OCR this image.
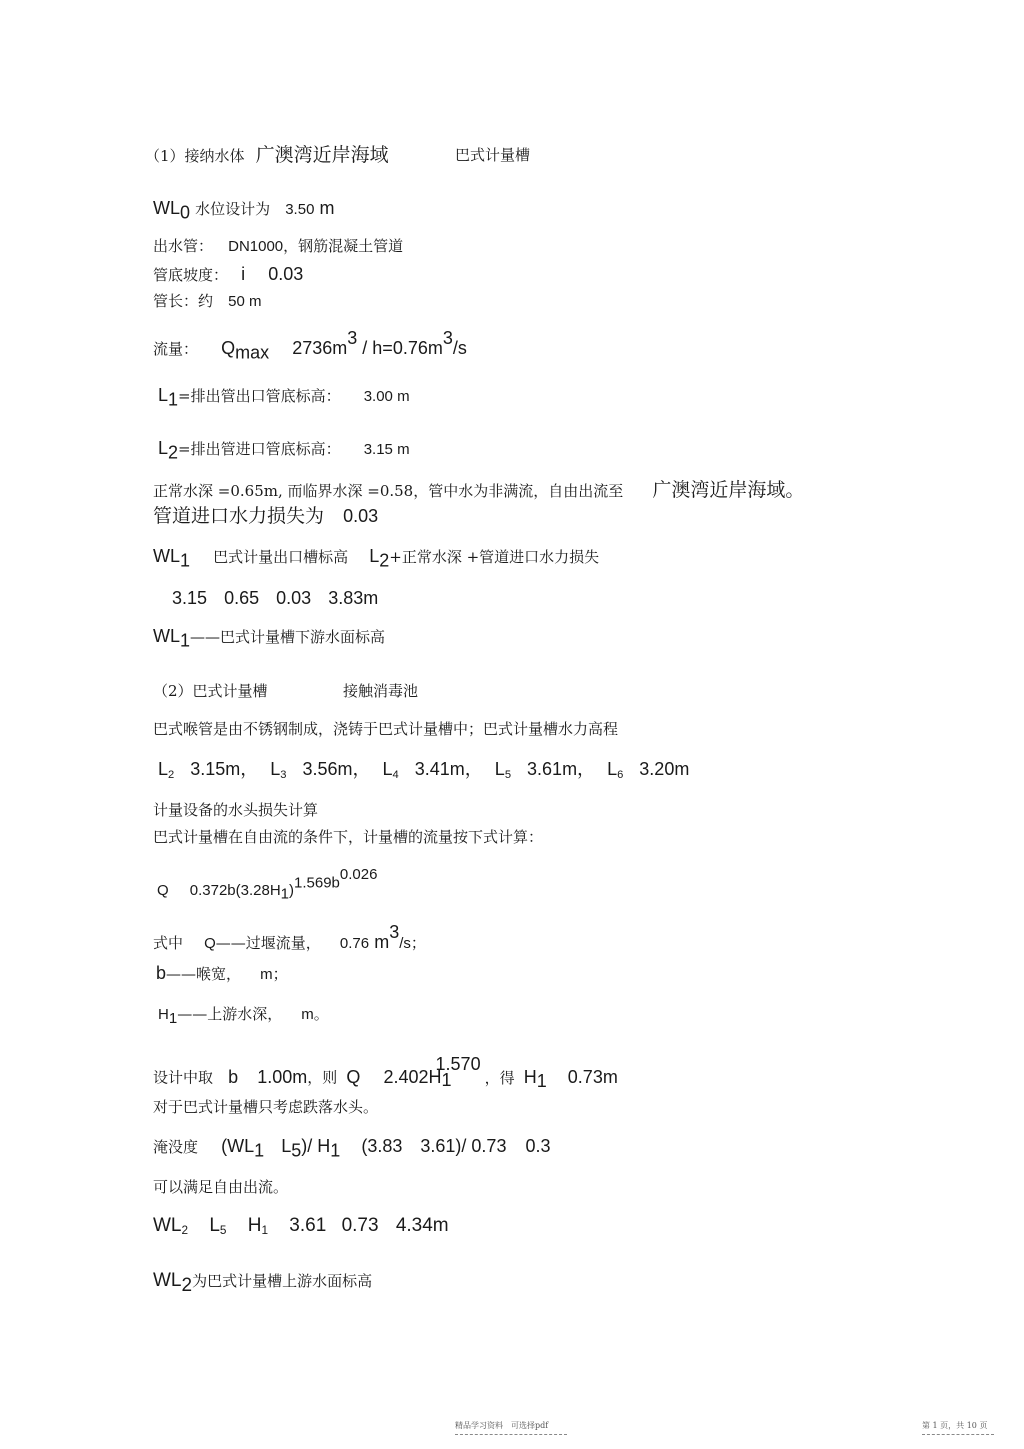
（1）接纳水体 广澳湾近岸海域	巴式计量槽
$WL_0$ 水位设计为 3.50 m
出水管： DN1000，钢筋混凝土管道
管底坡度： i 0.03
管长：约 50 m
流量： $Q_{max}$ $2736m^3 / h=0.76m^3/s$
$L_1=$排出管出口管底标高： 3.00 m
$L_2=$排出管进口管底标高： 3.15 m
正常水深 =0.65m, 而临界水深 =0.58，管中水为非满流，自由出流至 广澳湾近岸海域。
管道进口水力损失为 0.03
$WL_1$ 巴式计量出口槽标高 $L_2+$正常水深 +管道进口水力损失
3.15 0.65 0.03 3.83m
$WL_1——$巴式计量槽下游水面标高
（2）巴式计量槽	接触消毒池
巴式喉管是由不锈钢制成，浇铸于巴式计量槽中；巴式计量槽水力高程
$L_2$ 3.15m， $L_3$ 3.56m， $L_4$ 3.41m， $L_5$ 3.61m， $L_6$ 3.20m
计量设备的水头损失计算
巴式计量槽在自由流的条件下，计量槽的流量按下式计算：
Q $0.372b(3.28H_1)^{1.569b0.026}$
式中 Q——过堰流量， 0.76 $m^3/s$；
b——喉宽， m；
$H_1——$上游水深， m。
设计中取 b 1.00m，则 Q $2.402H_1^{1.570}$，得 $H_1$ 0.73m
对于巴式计量槽只考虑跌落水头。
淹没度 ($WL_1$ $L_5)/$ $H_1$ (3.83　3.61)/ 0.73 0.3
可以满足自由出流。
$WL_2$ $L_5$ $H_1$ 3.61 0.73 4.34m
$WL_2$为巴式计量槽上游水面标高
精品学习资料　可选择pdf	第 1 页，共 10 页
